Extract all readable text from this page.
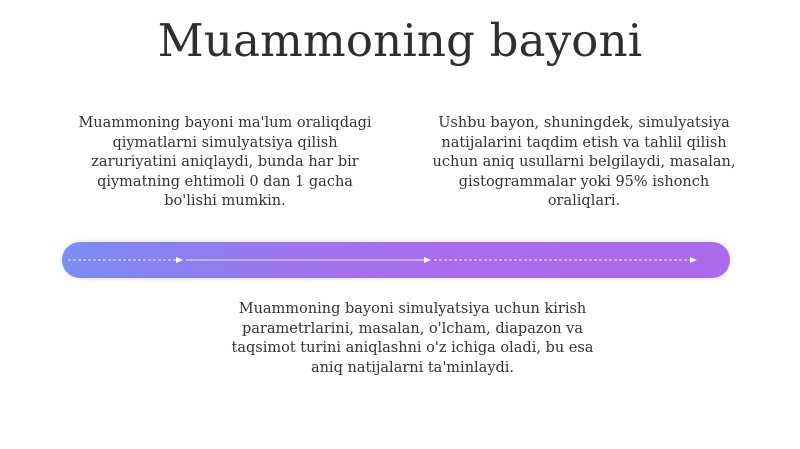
Muammoning bayoni

Muammoning bayoni ma'lum oraliqdagi qiymatlarni simulyatsiya qilish zaruriyatini aniqlaydi, bunda har bir qiymatning ehtimoli 0 dan 1 gacha bo'lishi mumkin.

Ushbu bayon, shuningdek, simulyatsiya natijalarini taqdim etish va tahlil qilish uchun aniq usullarni belgilaydi, masalan, gistogrammalar yoki 95% ishonch oraliqlari.

Muammoning bayoni simulyatsiya uchun kirish parametrlarini, masalan, o'lcham, diapazon va taqsimot turini aniqlashni o'z ichiga oladi, bu esa aniq natijalarni ta'minlaydi.
